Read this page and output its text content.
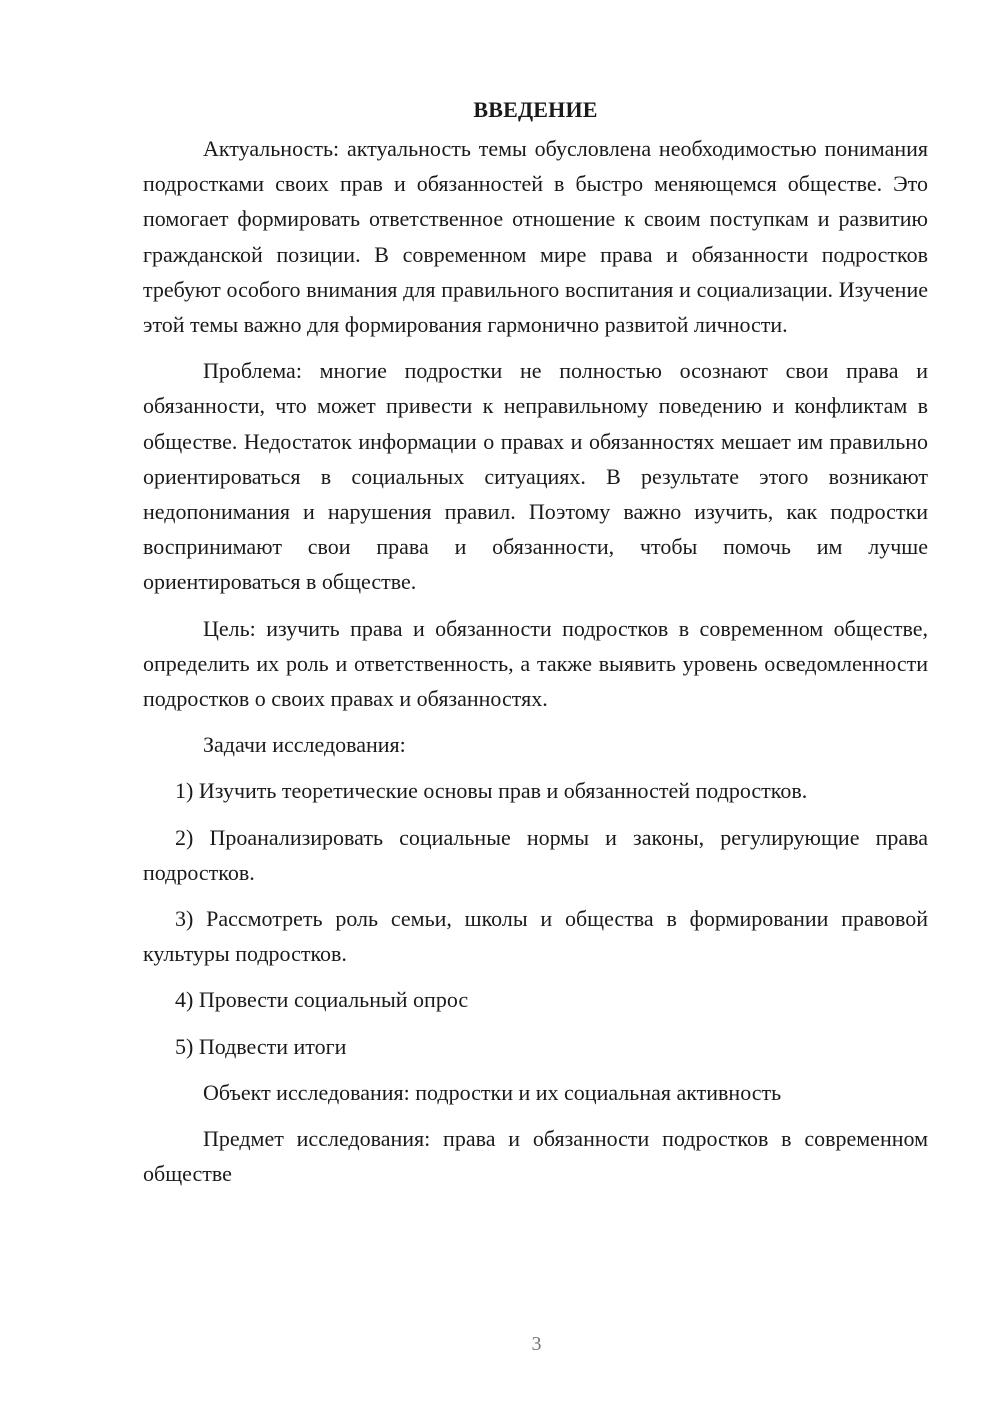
ВВЕДЕНИЕ

Актуальность: актуальность темы обусловлена необходимостью понимания подростками своих прав и обязанностей в быстро меняющемся обществе. Это помогает формировать ответственное отношение к своим поступкам и развитию гражданской позиции. В современном мире права и обязанности подростков требуют особого внимания для правильного воспитания и социализации. Изучение этой темы важно для формирования гармонично развитой личности.

Проблема: многие подростки не полностью осознают свои права и обязанности, что может привести к неправильному поведению и конфликтам в обществе. Недостаток информации о правах и обязанностях мешает им правильно ориентироваться в социальных ситуациях. В результате этого возникают недопонимания и нарушения правил. Поэтому важно изучить, как подростки воспринимают свои права и обязанности, чтобы помочь им лучше ориентироваться в обществе.

Цель: изучить права и обязанности подростков в современном обществе, определить их роль и ответственность, а также выявить уровень осведомленности подростков о своих правах и обязанностях.

Задачи исследования:

1) Изучить теоретические основы прав и обязанностей подростков.

2) Проанализировать социальные нормы и законы, регулирующие права подростков.

3) Рассмотреть роль семьи, школы и общества в формировании правовой культуры подростков.

4) Провести социальный опрос

5) Подвести итоги

Объект исследования: подростки и их социальная активность

Предмет исследования: права и обязанности подростков в современном обществе

3
